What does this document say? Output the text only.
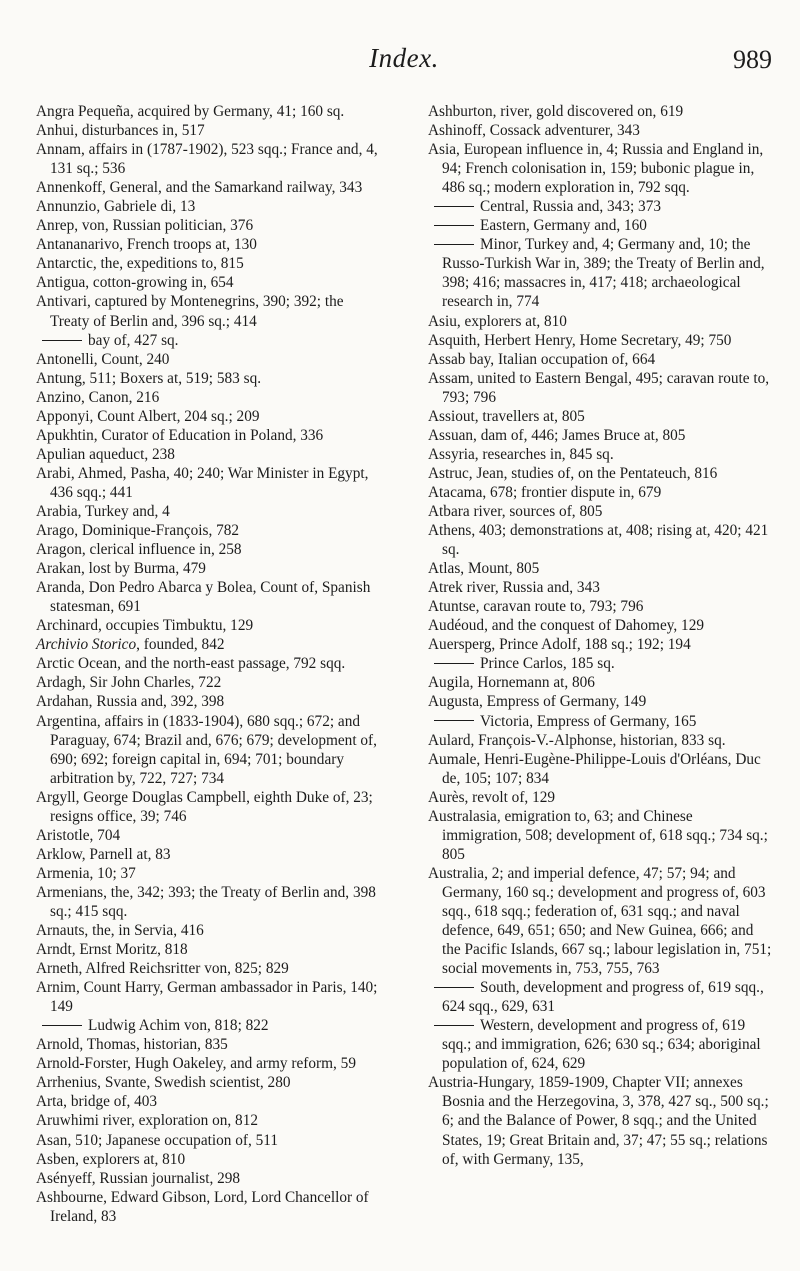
Index.	989

Angra Pequeña, acquired by Germany, 41; 160 sq.

Anhui, disturbances in, 517

Annam, affairs in (1787-1902), 523 sqq.; France and, 4, 131 sq.; 536

Annenkoff, General, and the Samarkand railway, 343

Annunzio, Gabriele di, 13

Anrep, von, Russian politician, 376

Antananarivo, French troops at, 130

Antarctic, the, expeditions to, 815

Antigua, cotton-growing in, 654

Antivari, captured by Montenegrins, 390; 392; the Treaty of Berlin and, 396 sq.; 414

bay of, 427 sq.

Antonelli, Count, 240

Antung, 511; Boxers at, 519; 583 sq.

Anzino, Canon, 216

Apponyi, Count Albert, 204 sq.; 209

Apukhtin, Curator of Education in Poland, 336

Apulian aqueduct, 238

Arabi, Ahmed, Pasha, 40; 240; War Minister in Egypt, 436 sqq.; 441

Arabia, Turkey and, 4

Arago, Dominique-François, 782

Aragon, clerical influence in, 258

Arakan, lost by Burma, 479

Aranda, Don Pedro Abarca y Bolea, Count of, Spanish statesman, 691

Archinard, occupies Timbuktu, 129

Archivio Storico, founded, 842

Arctic Ocean, and the north-east passage, 792 sqq.

Ardagh, Sir John Charles, 722

Ardahan, Russia and, 392, 398

Argentina, affairs in (1833-1904), 680 sqq.; 672; and Paraguay, 674; Brazil and, 676; 679; development of, 690; 692; foreign capital in, 694; 701; boundary arbitration by, 722, 727; 734

Argyll, George Douglas Campbell, eighth Duke of, 23; resigns office, 39; 746

Aristotle, 704

Arklow, Parnell at, 83

Armenia, 10; 37

Armenians, the, 342; 393; the Treaty of Berlin and, 398 sq.; 415 sqq.

Arnauts, the, in Servia, 416

Arndt, Ernst Moritz, 818

Arneth, Alfred Reichsritter von, 825; 829

Arnim, Count Harry, German ambassador in Paris, 140; 149

Ludwig Achim von, 818; 822

Arnold, Thomas, historian, 835

Arnold-Forster, Hugh Oakeley, and army reform, 59

Arrhenius, Svante, Swedish scientist, 280

Arta, bridge of, 403

Aruwhimi river, exploration on, 812

Asan, 510; Japanese occupation of, 511

Asben, explorers at, 810

Asényeff, Russian journalist, 298

Ashbourne, Edward Gibson, Lord, Lord Chancellor of Ireland, 83

Ashburton, river, gold discovered on, 619

Ashinoff, Cossack adventurer, 343

Asia, European influence in, 4; Russia and England in, 94; French colonisation in, 159; bubonic plague in, 486 sq.; modern exploration in, 792 sqq.

Central, Russia and, 343; 373

Eastern, Germany and, 160

Minor, Turkey and, 4; Germany and, 10; the Russo-Turkish War in, 389; the Treaty of Berlin and, 398; 416; massacres in, 417; 418; archaeological research in, 774

Asiu, explorers at, 810

Asquith, Herbert Henry, Home Secretary, 49; 750

Assab bay, Italian occupation of, 664

Assam, united to Eastern Bengal, 495; caravan route to, 793; 796

Assiout, travellers at, 805

Assuan, dam of, 446; James Bruce at, 805

Assyria, researches in, 845 sq.

Astruc, Jean, studies of, on the Pentateuch, 816

Atacama, 678; frontier dispute in, 679

Atbara river, sources of, 805

Athens, 403; demonstrations at, 408; rising at, 420; 421 sq.

Atlas, Mount, 805

Atrek river, Russia and, 343

Atuntse, caravan route to, 793; 796

Audéoud, and the conquest of Dahomey, 129

Auersperg, Prince Adolf, 188 sq.; 192; 194

Prince Carlos, 185 sq.

Augila, Hornemann at, 806

Augusta, Empress of Germany, 149

Victoria, Empress of Germany, 165

Aulard, François-V.-Alphonse, historian, 833 sq.

Aumale, Henri-Eugène-Philippe-Louis d'Orléans, Duc de, 105; 107; 834

Aurès, revolt of, 129

Australasia, emigration to, 63; and Chinese immigration, 508; development of, 618 sqq.; 734 sq.; 805

Australia, 2; and imperial defence, 47; 57; 94; and Germany, 160 sq.; development and progress of, 603 sqq., 618 sqq.; federation of, 631 sqq.; and naval defence, 649, 651; 650; and New Guinea, 666; and the Pacific Islands, 667 sq.; labour legislation in, 751; social movements in, 753, 755, 763

South, development and progress of, 619 sqq., 624 sqq., 629, 631

Western, development and progress of, 619 sqq.; and immigration, 626; 630 sq.; 634; aboriginal population of, 624, 629

Austria-Hungary, 1859-1909, Chapter VII; annexes Bosnia and the Herzegovina, 3, 378, 427 sq., 500 sq.; 6; and the Balance of Power, 8 sqq.; and the United States, 19; Great Britain and, 37; 47; 55 sq.; relations of, with Germany, 135,
